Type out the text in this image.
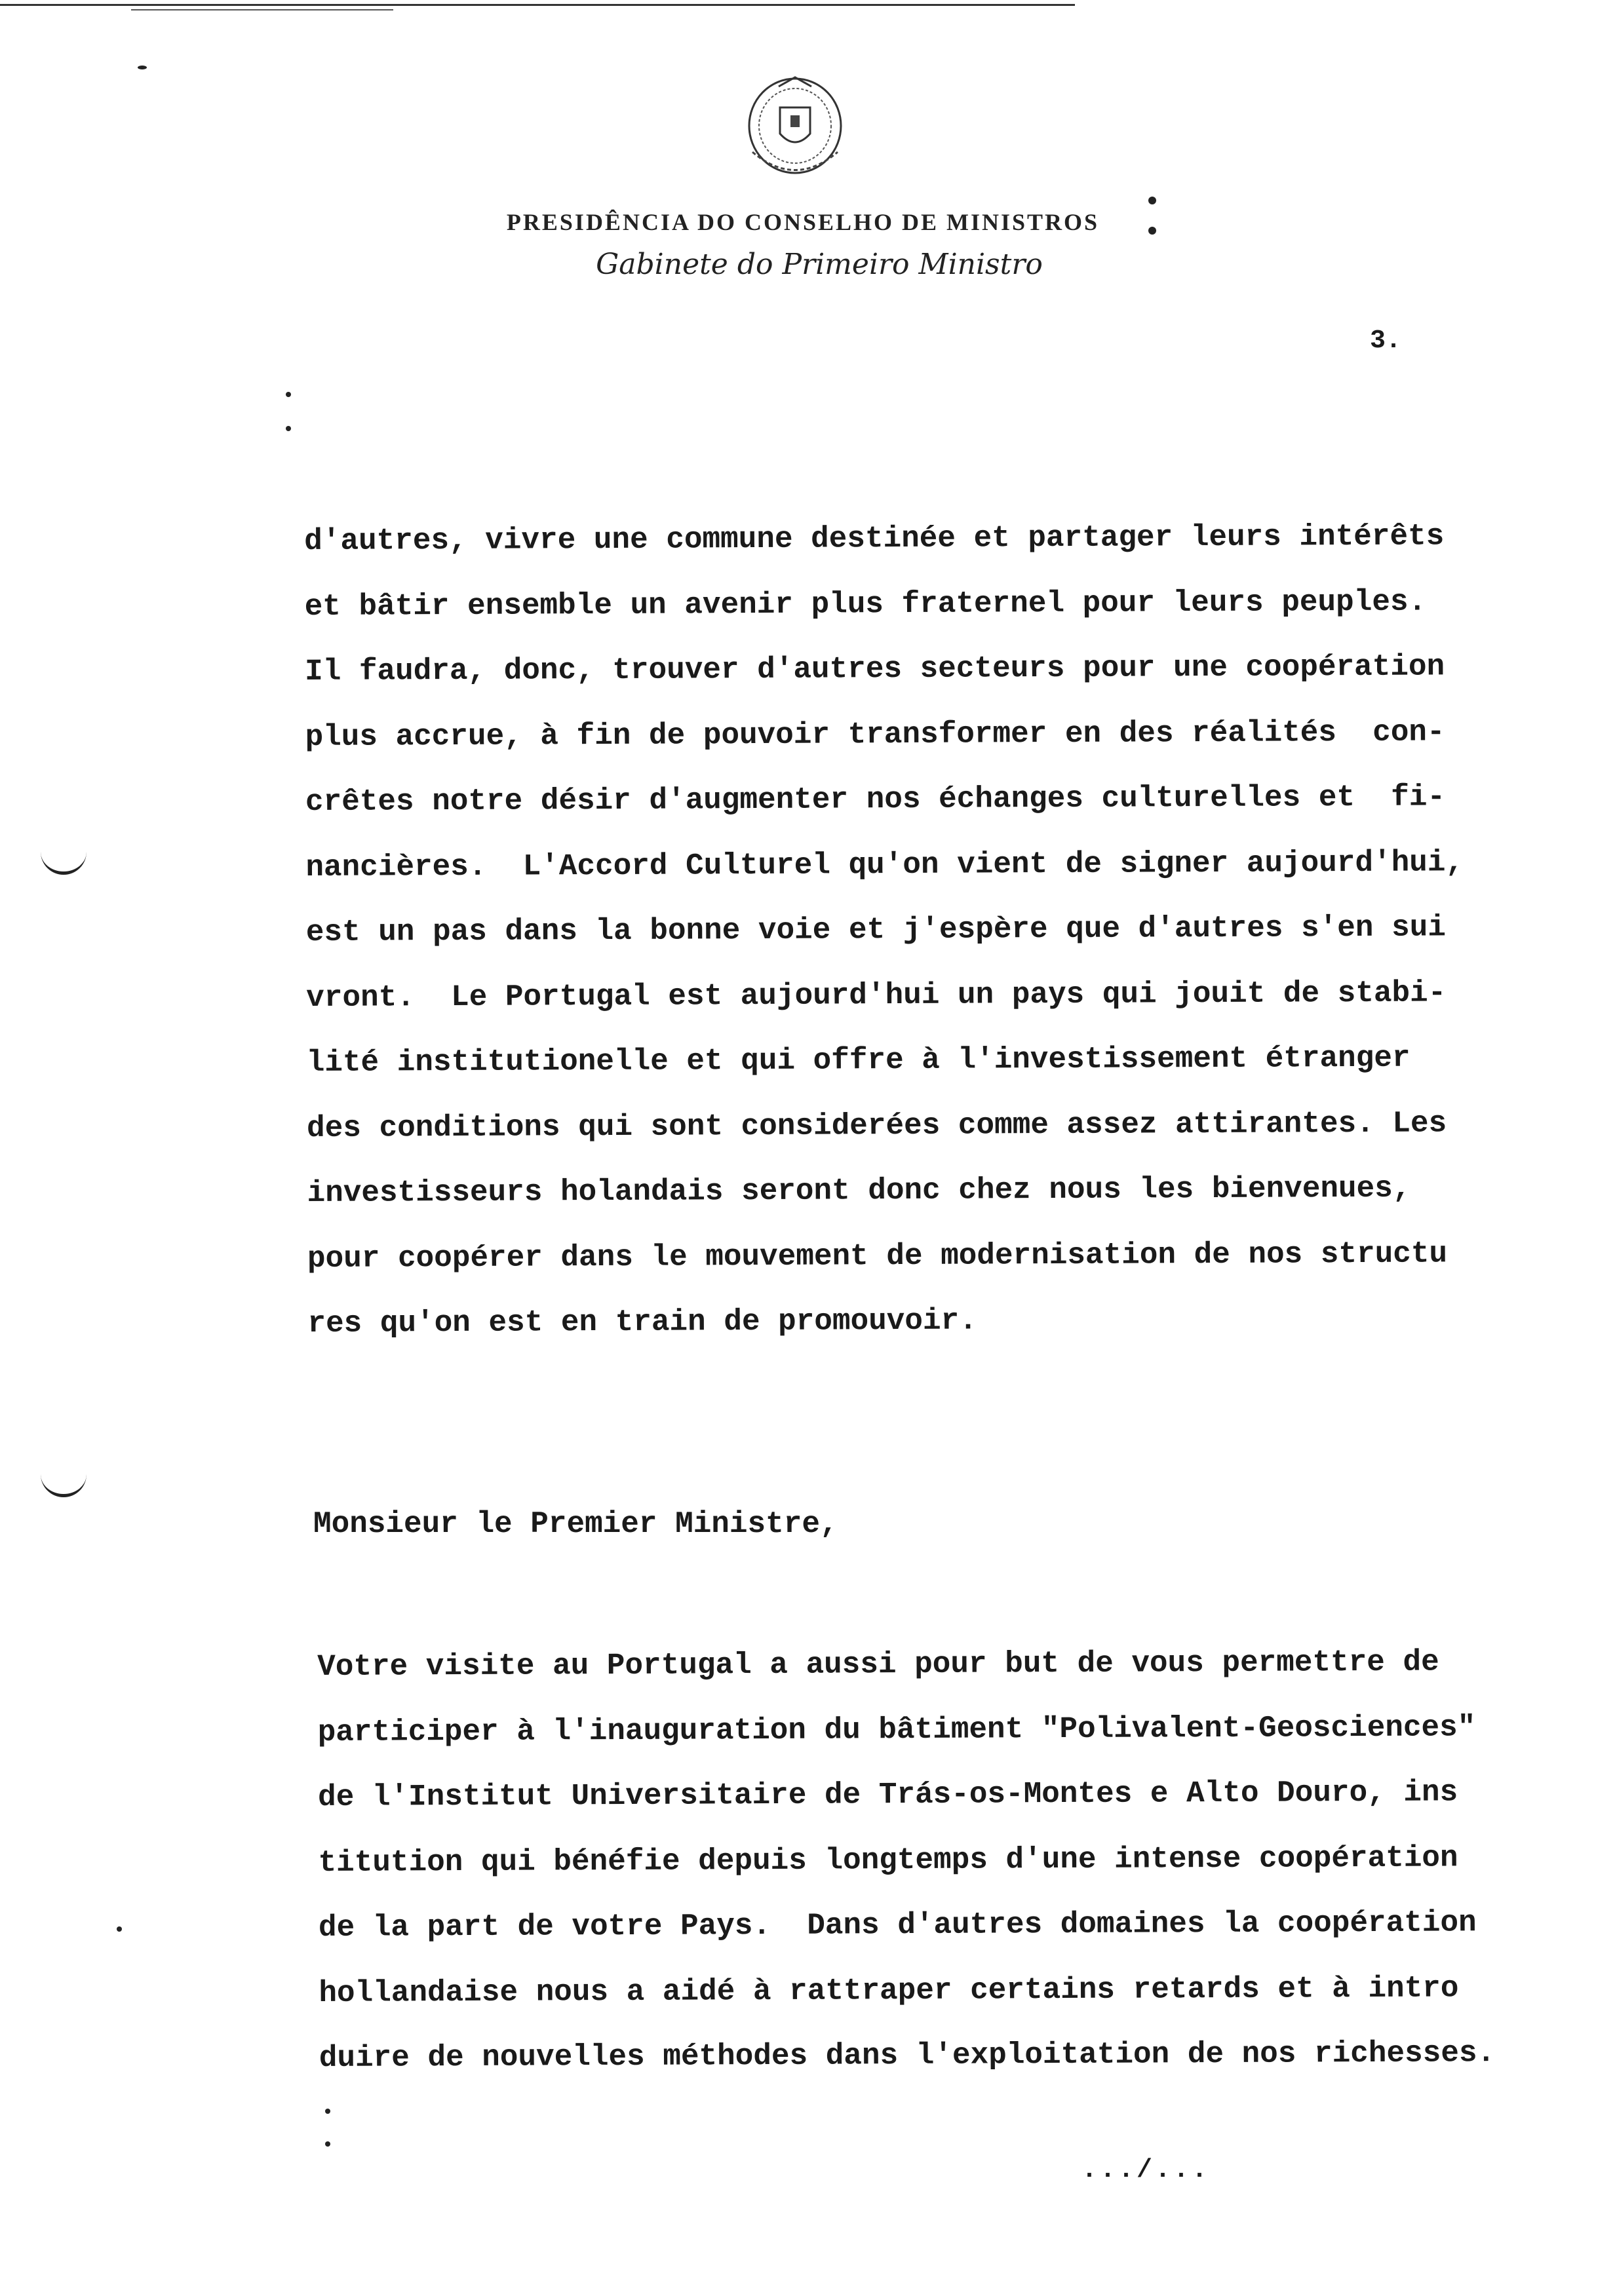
PRESIDÊNCIA DO CONSELHO DE MINISTROS
Gabinete do Primeiro Ministro
3.
d'autres, vivre une commune destinée et partager leurs intérêts
et bâtir ensemble un avenir plus fraternel pour leurs peuples.
Il faudra, donc, trouver d'autres secteurs pour une coopération
plus accrue, à fin de pouvoir transformer en des réalités  con-
crêtes notre désir d'augmenter nos échanges culturelles et  fi-
nancières.  L'Accord Culturel qu'on vient de signer aujourd'hui,
est un pas dans la bonne voie et j'espère que d'autres s'en sui
vront.  Le Portugal est aujourd'hui un pays qui jouit de stabi-
lité institutionelle et qui offre à l'investissement étranger
des conditions qui sont considerées comme assez attirantes. Les
investisseurs holandais seront donc chez nous les bienvenues,
pour coopérer dans le mouvement de modernisation de nos structu
res qu'on est en train de promouvoir.
Monsieur le Premier Ministre,
Votre visite au Portugal a aussi pour but de vous permettre de
participer à l'inauguration du bâtiment "Polivalent-Geosciences"
de l'Institut Universitaire de Trás-os-Montes e Alto Douro, ins
titution qui bénéfie depuis longtemps d'une intense coopération
de la part de votre Pays.  Dans d'autres domaines la coopération
hollandaise nous a aidé à rattraper certains retards et à intro
duire de nouvelles méthodes dans l'exploitation de nos richesses.
.../...
